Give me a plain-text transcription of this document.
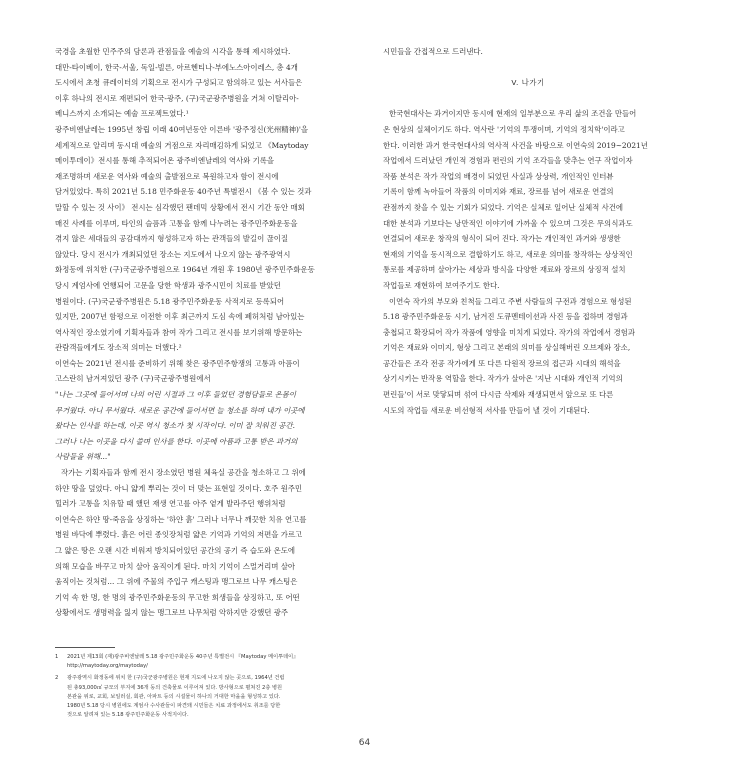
국경을 초월한 민주주의 담론과 관점들을 예술의 시각을 통해 제시하였다.
대만-타이베이, 한국-서울, 독일-빌른, 아르헨티나-부에노스아이레스, 총 4개
도시에서 초청 큐레이터의 기획으로 전시가 구성되고 함의하고 있는 서사들은
이후 하나의 전시로 재편되어 한국-광주, (구)국군광주병원을 거쳐 이탈리아-
베니스까지 소개되는 예술 프로젝트였다.¹

광주비엔날레는 1995년 창립 이래 40여년동안 이른바 '광주정신(光州精神)'을
세계적으로 알리며 동시대 예술의 거점으로 자리매김하게 되었고 《Maytoday
메이투데이》전시를 통해 추적되어온 광주비엔날레의 역사와 기록을
재조명하며 새로운 역사와 예술의 출발점으로 복원하고자 함이 전시에
담겨있었다. 특히 2021년 5.18 민주화운동 40주년 특별전시 《봄 수 있는 것과
말할 수 있는 것 사이》 전시는 심각했던 팬데믹 상황에서 전시 기간 동안 매회
매진 사례를 이루며, 타인의 슬픔과 고통을 함께 나누려는 광주민주화운동을
겪지 않은 세대들의 공감대까지 형성하고자 하는 관객들의 발길이 끊이질
않았다. 당시 전시가 개최되었던 장소는 지도에서 나오지 않는 광주광역시
화정동에 위치한 (구)국군광주병원으로 1964년 개원 후 1980년 광주민주화운동
당시 계엄사에 연행되어 고문을 당한 학생과 광주시민이 치료를 받았던
병원이다. (구)국군광주병원은 5.18 광주민주화운동 사적지로 등록되어
있지만, 2007년 함평으로 이전한 이후 최근까지 도심 속에 폐허처럼 남아있는
역사적인 장소였기에 기획자들과 참여 작가 그리고 전시를 보기위해 방문하는
관람객들에게도 장소적 의미는 더했다.²

이연숙는 2021년 전시를 준비하기 위해 찾은 광주민주항쟁의 고통과 아픔이
고스란히 남겨져있던 광주 (구)국군광주병원에서

"나는 그곳에 들어서며 나의 어린 시절과 그 이후 들었던 경험담들로 온몸이
무거웠다. 아니 무서웠다. 새로운 공간에 들어서면 늘 청소를 하며 내가 이곳에
왔다는 인사를 하는데, 이곳 역시 청소가 첫 시작이다. 이미 잘 치워진 공간.
그러나 나는 이곳을 다시 쓸며 인사를 한다. 이곳에 아픔과 고통 받은 과거의
사람들을 위해..."

작가는 기획자들과 함께 전시 장소였던 병원 체육실 공간을 청소하고 그 위에
하얀 땅을 덮었다. 아니 얇게 뿌리는 것이 더 맞는 표현일 것이다. 호주 원주민
힐러가 고통을 치유할 때 했던 재생 연고를 아주 옅게 발라주던 행위처럼
이연숙은 하얀 땅-죽음을 상징하는 '하얀 흙' 그러나 너무나 깨끗한 치유 연고를
병원 바닥에 뿌렸다. 흙은 어린 종잇장처럼 얇은 기억과 기억의 저편을 가르고
그 얇은 땅은 오랜 시간 비워져 방치되어있던 공간의 공기 즉 습도와 온도에
의해 모습을 바꾸고 마치 살아 움직이게 된다. 마치 기억이 스멀거리며 살아
움직이는 것처럼... 그 위에 주물의 주입구 캐스팅과 맹그로브 나무 캐스팅은
기억 속 한 명, 한 명의 광주민주화운동의 무고한 희생들을 상징하고, 또 어떤
상황에서도 생명력을 잃지 않는 맹그로브 나무처럼 악하지만 강했던 광주

시민들을 간접적으로 드러낸다.

V. 나가기

한국현대사는 과거이지만 동시에 현재의 일부분으로 우리 삶의 조건을 만들어
온 현상의 실체이기도 하다. 역사란 '기억의 투쟁이며, 기억의 정치학'이라고
한다. 이러한 과거 한국현대사의 역사적 사건을 바탕으로 이연숙의 2019~2021년
작업에서 드러났던 개인적 경험과 편린의 기억 조각들을 맞추는 연구 작업이자
작품 분석은 작가 작업의 배경이 되었던 사실과 상상력, 개인적인 인터뷰
기록이 함께 녹아들어 작품의 이미지와 재료, 장르를 넘어 새로운 연결의
관점까지 찾을 수 있는 기회가 되었다. 기억은 실체로 일어난 실체적 사건에
대한 분석과 기보다는 낭만적인 이야기에 가까울 수 있으며 그것은 무의식과도
연결되어 새로운 창작의 형식이 되어 진다. 작가는 개인적인 과거와 생생한
현재의 기억을 동시적으로 결합하기도 하고, 새로운 의미를 창작하는 상상적인
통로를 제공하며 살아가는 세상과 방식을 다양한 재료와 장르의 상징적 설치
작업들로 재현하여 보여주기도 한다.

이연숙 작가의 부모와 친척들 그리고 주변 사람들의 구전과 경험으로 형성된
5.18 광주민주화운동 시기, 남겨진 도큐멘테이션과 사진 등을 접하며 경험과
충첩되고 확장되어 작가 작품에 영향을 미치게 되었다. 작가의 작업에서 경험과
기억은 재료와 이미지, 형상 그리고 본래의 의미를 상실해버린 오브제와 장소,
공간들은 조각 전공 작가에게 또 다른 다원적 장르의 접근과 시대의 해석을
상기시키는 반작용 역할을 한다. 작가가 살아온 '지난 시대와 개인적 기억의
편린들'이 서로 맞닿되며 섞여 다시금 삭제와 재생되면서 앞으로 또 다른
시도의 작업들 새로운 비선형적 서사를 만들어 낼 것이 기대된다.

1	2021년 제13회 (재)광주비엔날레 5.18 광주민주화운동 40주년 특별전시 『Maytoday 메이투데이』
http://maytoday.org/maytoday/
2	광주광역시 화정동에 위치 한 (구)국군광주병원은 현재 지도에 나오지 않는 곳으로, 1964년 건립
된 총93,000㎡ 규모의 부지에 36개 동의 건축물로 이루어져 있다. 방사형으로 펼쳐진 2층 병원
본관을 위로, 교회, 보일러실, 회관, 아파트 등의 시설물이 하나의 거대한 마을을 형성하고 있다.
1980년 5.18 당시 병원에도 계엄사 수사관들이 파견돼 시민들은 치료 과정에서도 취조를 당한
것으로 알려져 있는 5.18 광주민주화운동 사적지이다.
64
